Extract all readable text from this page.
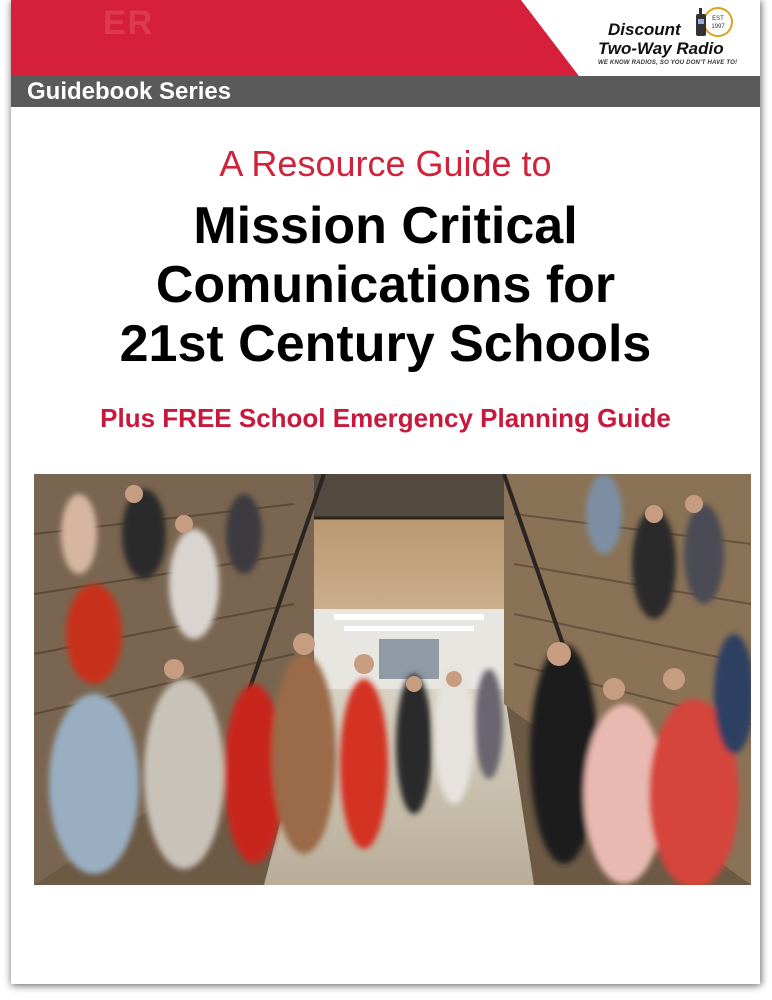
ER
Guidebook Series
Discount
Two-Way Radio
WE KNOW RADIOS, SO YOU DON'T HAVE TO!
EST
1997
A Resource Guide to
Mission Critical
Comunications for
21st Century Schools
Plus FREE School Emergency Planning Guide
